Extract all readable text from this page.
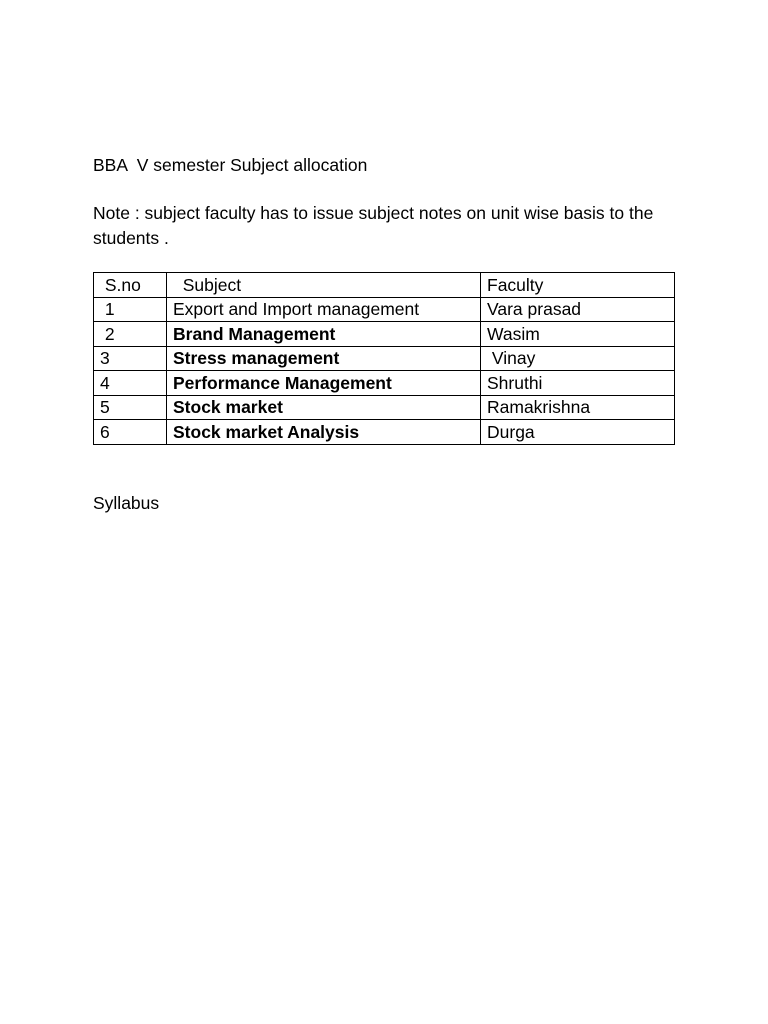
BBA  V semester Subject allocation
Note : subject faculty has to issue subject notes on unit wise basis to the students .
S.no	Subject	Faculty
1	Export and Import management	Vara prasad
2	Brand Management	Wasim
3	Stress management	Vinay
4	Performance Management	Shruthi
5	Stock market	Ramakrishna
6	Stock market Analysis	Durga
Syllabus
